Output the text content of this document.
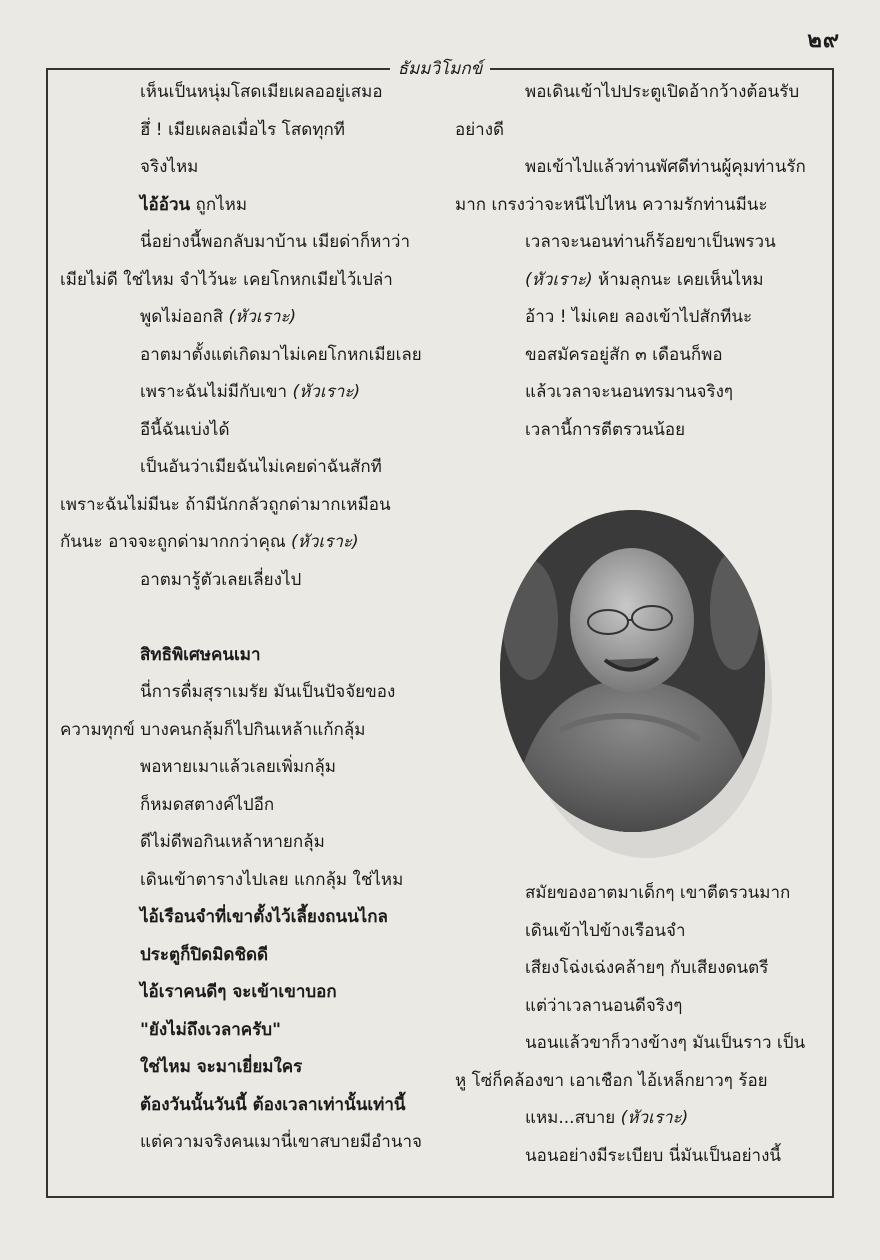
๒๙
ธัมมวิโมกข์
เห็นเป็นหนุ่มโสดเมียเผลออยู่เสมอ
ฮึ่ ! เมียเผลอเมื่อไร โสดทุกที
จริงไหม
ไอ้อ้วน ถูกไหม
นี่อย่างนี้พอกลับมาบ้าน เมียด่าก็หาว่า
เมียไม่ดี ใช่ไหม จำไว้นะ เคยโกหกเมียไว้เปล่า
พูดไม่ออกสิ (หัวเราะ)
อาตมาตั้งแต่เกิดมาไม่เคยโกหกเมียเลย
เพราะฉันไม่มีกับเขา (หัวเราะ)
อีนี้ฉันเบ่งได้
เป็นอันว่าเมียฉันไม่เคยด่าฉันสักที
เพราะฉันไม่มีนะ ถ้ามีนักกลัวถูกด่ามากเหมือน
กันนะ อาจจะถูกด่ามากกว่าคุณ (หัวเราะ)
อาตมารู้ตัวเลยเลี่ยงไป
สิทธิพิเศษคนเมา
นี่การดื่มสุราเมรัย มันเป็นปัจจัยของ
ความทุกข์ บางคนกลุ้มก็ไปกินเหล้าแก้กลุ้ม
พอหายเมาแล้วเลยเพิ่มกลุ้ม
ก็หมดสตางค์ไปอีก
ดีไม่ดีพอกินเหล้าหายกลุ้ม
เดินเข้าตารางไปเลย แกกลุ้ม ใช่ไหม
ไอ้เรือนจำที่เขาตั้งไว้เลี้ยงถนนไกล
ประตูก็ปิดมิดชิดดี
ไอ้เราคนดีๆ จะเข้าเขาบอก
"ยังไม่ถึงเวลาครับ"
ใช่ไหม จะมาเยี่ยมใคร
ต้องวันนั้นวันนี้ ต้องเวลาเท่านั้นเท่านี้
แต่ความจริงคนเมานี่เขาสบายมีอำนาจ
พอเดินเข้าไปประตูเปิดอ้ากว้างต้อนรับ
อย่างดี
พอเข้าไปแล้วท่านพัศดีท่านผู้คุมท่านรัก
มาก เกรงว่าจะหนีไปไหน ความรักท่านมีนะ
เวลาจะนอนท่านก็ร้อยขาเป็นพรวน
(หัวเราะ) ห้ามลุกนะ เคยเห็นไหม
อ้าว ! ไม่เคย ลองเข้าไปสักทีนะ
ขอสมัครอยู่สัก ๓ เดือนก็พอ
แล้วเวลาจะนอนทรมานจริงๆ
เวลานี้การตีตรวนน้อย
สมัยของอาตมาเด็กๆ เขาตีตรวนมาก
เดินเข้าไปข้างเรือนจำ
เสียงโฉ่งเฉ่งคล้ายๆ กับเสียงดนตรี
แต่ว่าเวลานอนดีจริงๆ
นอนแล้วขาก็วางข้างๆ มันเป็นราว เป็น
หู โซ่ก็คล้องขา เอาเชือก ไอ้เหล็กยาวๆ ร้อย
แหม...สบาย (หัวเราะ)
นอนอย่างมีระเบียบ นี่มันเป็นอย่างนี้
